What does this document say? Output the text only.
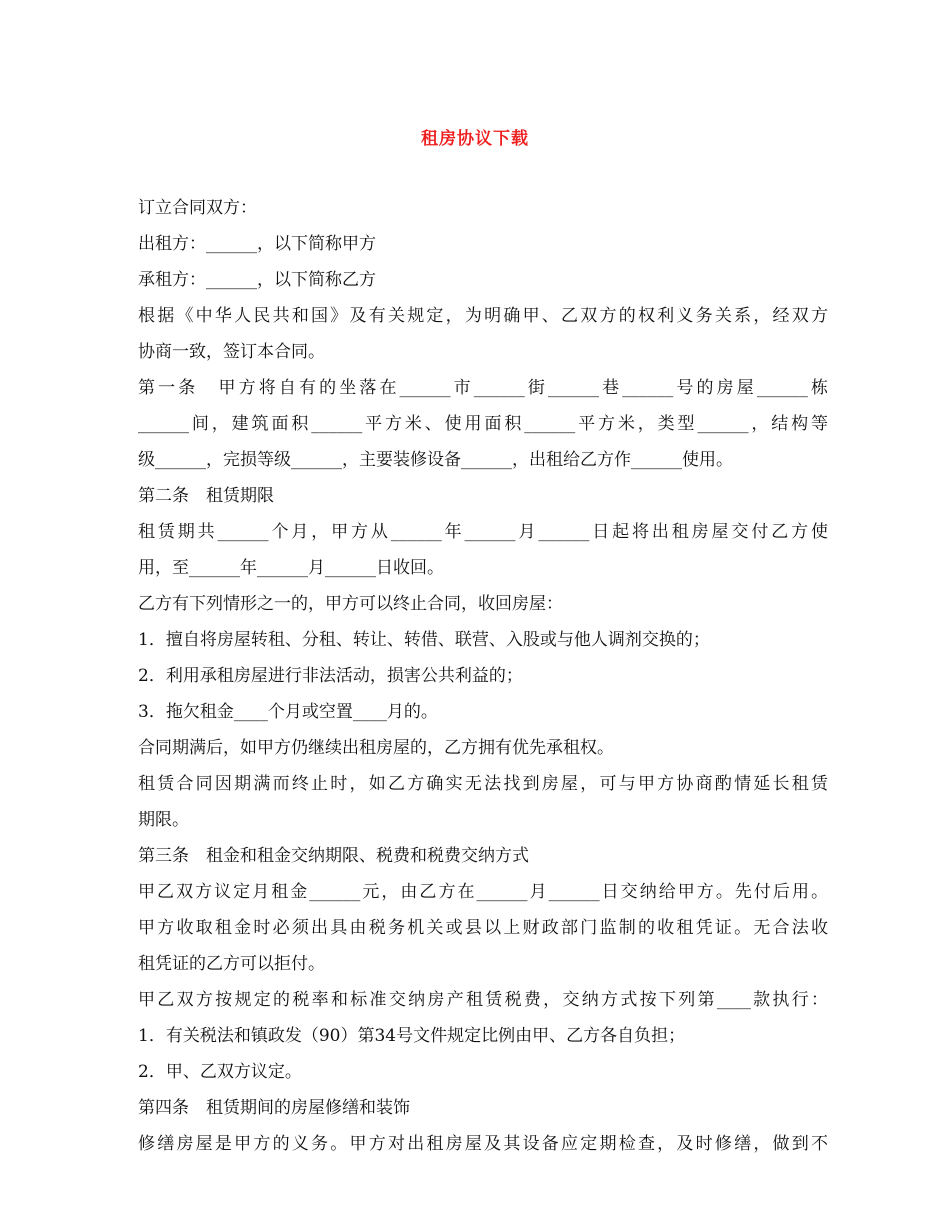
租房协议下载
订立合同双方：
出租方：______，以下简称甲方
承租方：______，以下简称乙方
根据《中华人民共和国》及有关规定，为明确甲、乙双方的权利义务关系，经双方
协商一致，签订本合同。
第一条　甲方将自有的坐落在______市______街______巷______号的房屋______栋
______间，建筑面积______平方米、使用面积______平方米，类型______，结构等
级______，完损等级______，主要装修设备______，出租给乙方作______使用。
第二条　租赁期限
租赁期共______个月，甲方从______年______月______日起将出租房屋交付乙方使
用，至______年______月______日收回。
乙方有下列情形之一的，甲方可以终止合同，收回房屋：
1．擅自将房屋转租、分租、转让、转借、联营、入股或与他人调剂交换的；
2．利用承租房屋进行非法活动，损害公共利益的；
3．拖欠租金____个月或空置____月的。
合同期满后，如甲方仍继续出租房屋的，乙方拥有优先承租权。
租赁合同因期满而终止时，如乙方确实无法找到房屋，可与甲方协商酌情延长租赁
期限。
第三条　租金和租金交纳期限、税费和税费交纳方式
甲乙双方议定月租金______元，由乙方在______月______日交纳给甲方。先付后用。
甲方收取租金时必须出具由税务机关或县以上财政部门监制的收租凭证。无合法收
租凭证的乙方可以拒付。
甲乙双方按规定的税率和标准交纳房产租赁税费，交纳方式按下列第____款执行：
1．有关税法和镇政发（90）第34号文件规定比例由甲、乙方各自负担；
2．甲、乙双方议定。
第四条　租赁期间的房屋修缮和装饰
修缮房屋是甲方的义务。甲方对出租房屋及其设备应定期检查，及时修缮，做到不
